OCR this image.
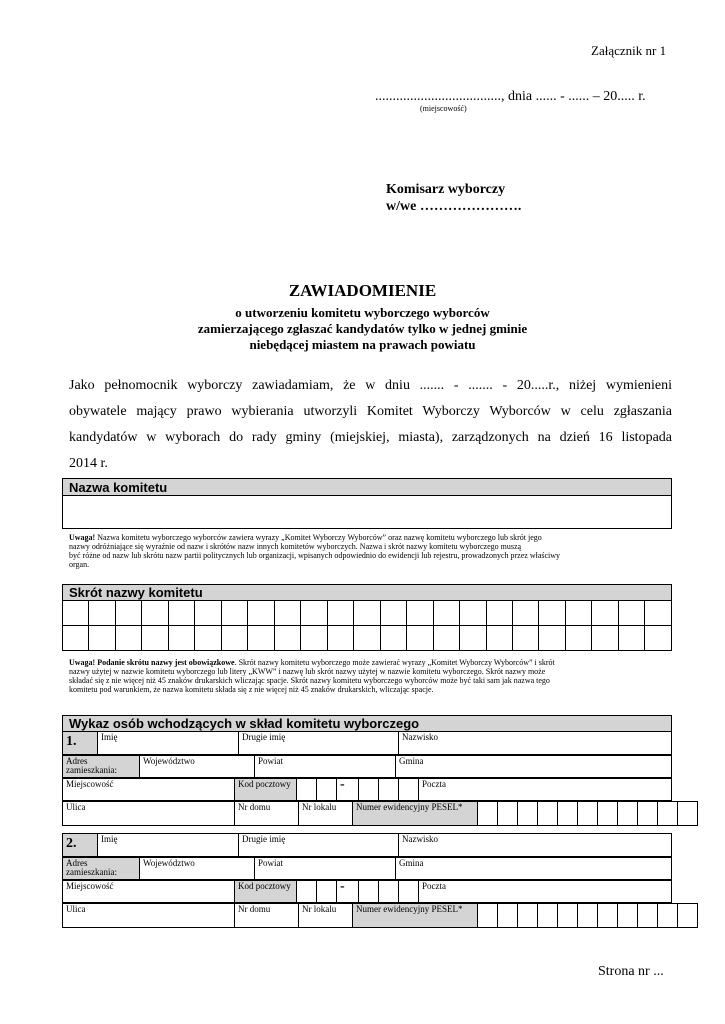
Załącznik nr 1
...................................., dnia ...... - ...... – 20..... r.
(miejscowość)
Komisarz wyborczy
w/we ………………….
ZAWIADOMIENIE
o utworzeniu komitetu wyborczego wyborców
zamierzającego zgłaszać kandydatów tylko w jednej gminie
niebędącej miastem na prawach powiatu
Jako pełnomocnik wyborczy zawiadamiam, że w dniu ....... - ....... - 20.....r., niżej wymienieni
obywatele mający prawo wybierania utworzyli Komitet Wyborczy Wyborców w celu zgłaszania
kandydatów w wyborach do rady gminy (miejskiej, miasta), zarządzonych na dzień 16 listopada
2014 r.
Nazwa komitetu
Uwaga! Nazwa komitetu wyborczego wyborców zawiera wyrazy „Komitet Wyborczy Wyborców” oraz nazwę komitetu wyborczego lub skrót jego
nazwy odróżniające się wyraźnie od nazw i skrótów nazw innych komitetów wyborczych. Nazwa i skrót nazwy komitetu wyborczego muszą
być różne od nazw lub skrótu nazw partii politycznych lub organizacji, wpisanych odpowiednio do ewidencji lub rejestru, prowadzonych przez właściwy
organ.
Skrót nazwy komitetu

Uwaga! Podanie skrótu nazwy jest obowiązkowe. Skrót nazwy komitetu wyborczego może zawierać wyrazy „Komitet Wyborczy Wyborców” i skrót
nazwy użytej w nazwie komitetu wyborczego lub litery „KWW” i nazwę lub skrót nazwy użytej w nazwie komitetu wyborczego. Skrót nazwy może
składać się z nie więcej niż 45 znaków drukarskich wliczając spacje. Skrót nazwy komitetu wyborczego wyborców może być taki sam jak nazwa tego
komitetu pod warunkiem, że nazwa komitetu składa się z nie więcej niż 45 znaków drukarskich, wliczając spacje.
Wykaz osób wchodzących w skład komitetu wyborczego
1.	Imię	Drugie imię	Nazwisko
Adres zamieszkania:	Województwo	Powiat	Gmina
Miejscowość	Kod pocztowy			-				Poczta
Ulica	Nr domu	Nr lokalu	Numer ewidencyjny PESEL*											
2.	Imię	Drugie imię	Nazwisko
Adres zamieszkania:	Województwo	Powiat	Gmina
Miejscowość	Kod pocztowy			-				Poczta
Ulica	Nr domu	Nr lokalu	Numer ewidencyjny PESEL*											
Strona nr ...
